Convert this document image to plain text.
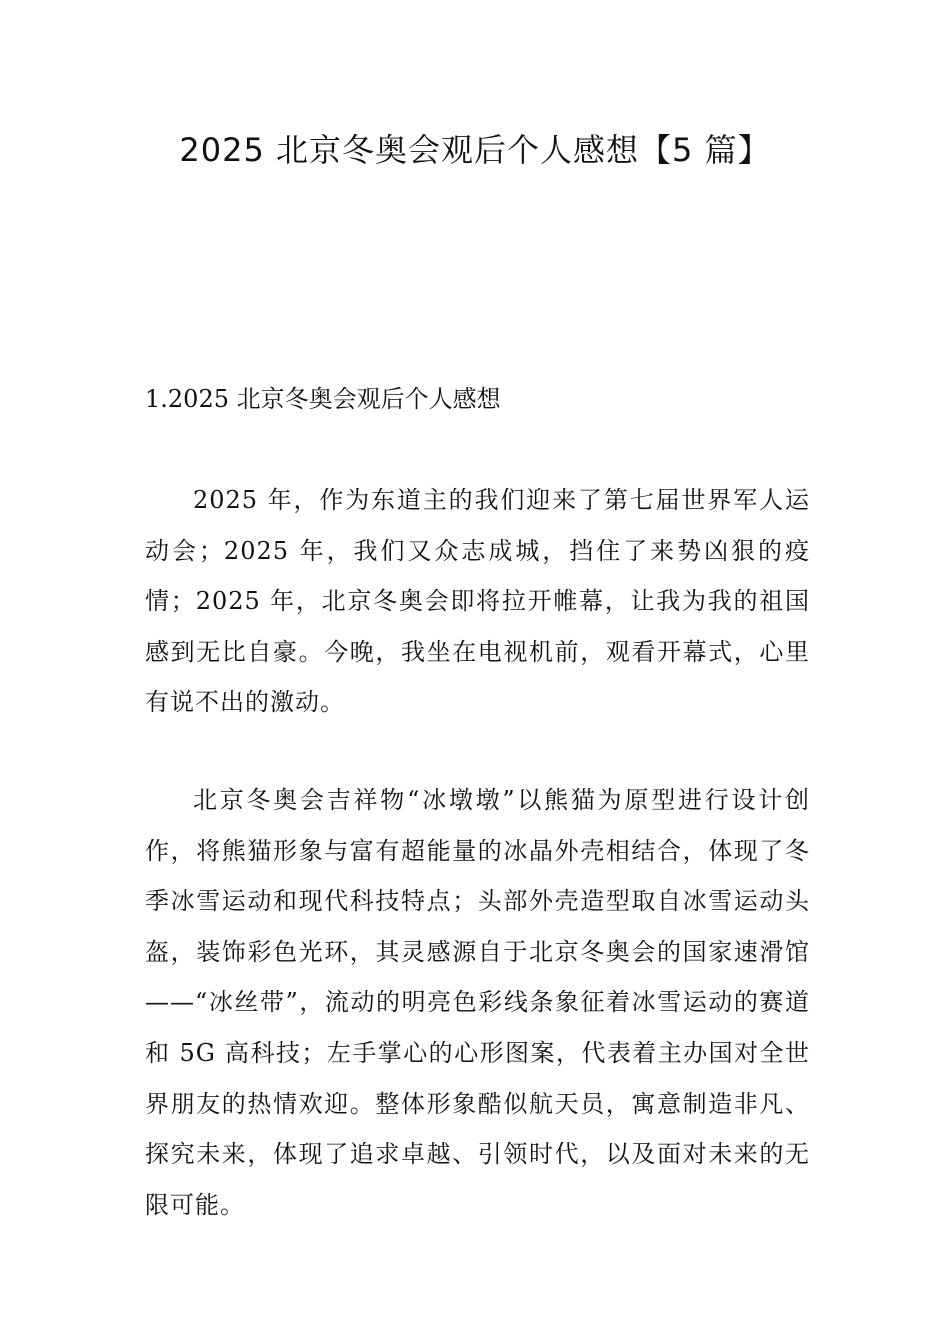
2025 北京冬奥会观后个人感想【5 篇】
1.2025 北京冬奥会观后个人感想

2025 年，作为东道主的我们迎来了第七届世界军人运动会；2025 年，我们又众志成城，挡住了来势凶狠的疫情；2025 年，北京冬奥会即将拉开帷幕，让我为我的祖国感到无比自豪。今晚，我坐在电视机前，观看开幕式，心里有说不出的激动。

北京冬奥会吉祥物“冰墩墩”以熊猫为原型进行设计创作，将熊猫形象与富有超能量的冰晶外壳相结合，体现了冬季冰雪运动和现代科技特点；头部外壳造型取自冰雪运动头盔，装饰彩色光环，其灵感源自于北京冬奥会的国家速滑馆——“冰丝带”，流动的明亮色彩线条象征着冰雪运动的赛道和 5G 高科技；左手掌心的心形图案，代表着主办国对全世界朋友的热情欢迎。整体形象酷似航天员，寓意制造非凡、探究未来，体现了追求卓越、引领时代，以及面对未来的无限可能。
